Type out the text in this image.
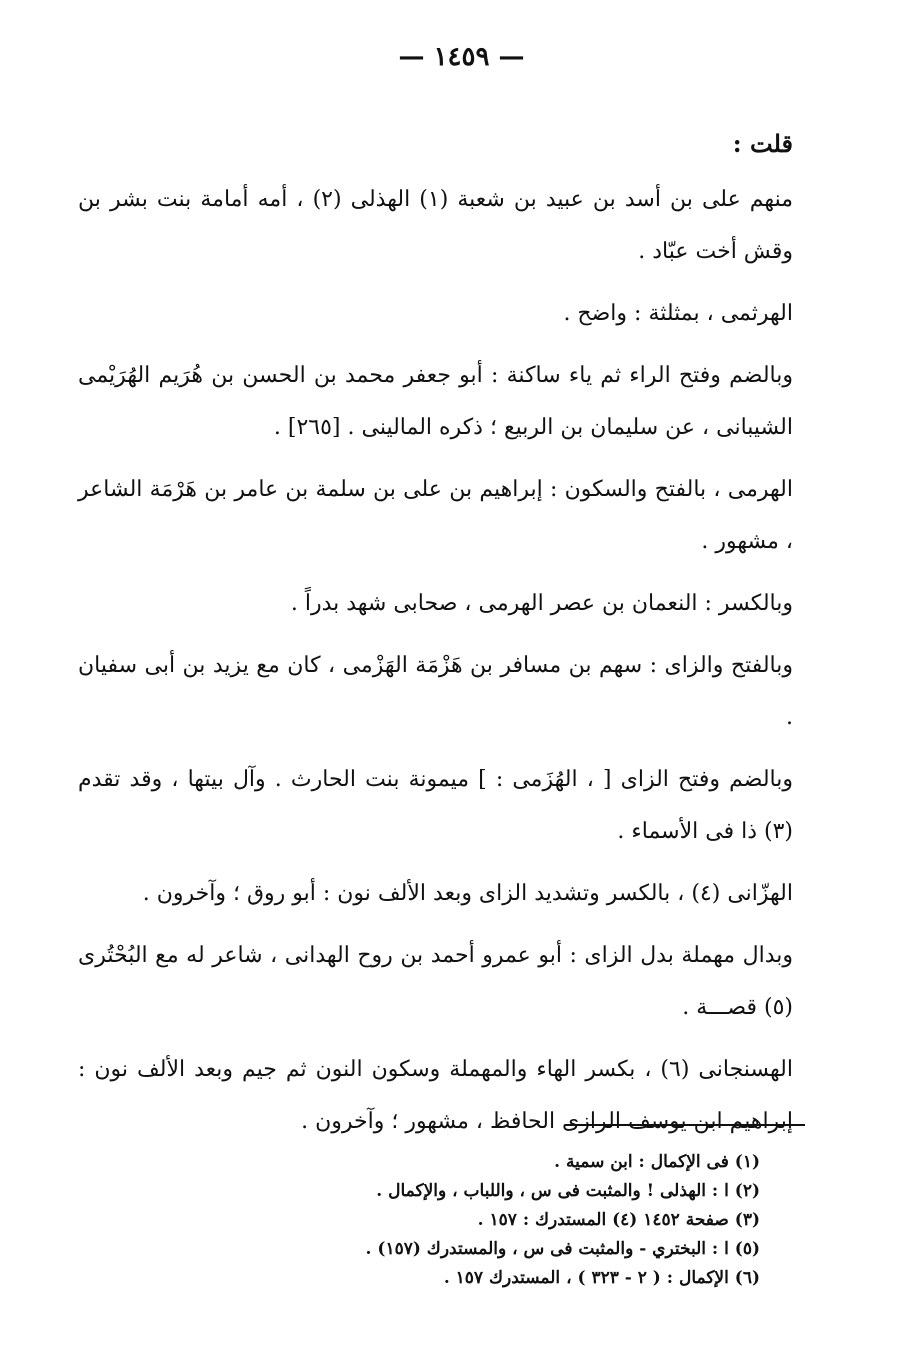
— ١٤٥٩ —

قلت :

منهم على بن أسد بن عبيد بن شعبة (١) الهذلى (٢) ، أمه أمامة بنت بشر بن وقش أخت عبّاد .

الهرثمى ، بمثلثة : واضح .

وبالضم وفتح الراء ثم ياء ساكنة : أبو جعفر محمد بن الحسن بن هُرَيم الهُرَيْمى الشيبانى ، عن سليمان بن الربيع ؛ ذكره المالينى . [٢٦٥] .

الهرمى ، بالفتح والسكون : إبراهيم بن على بن سلمة بن عامر بن هَرْمَة الشاعر ، مشهور .

وبالكسر : النعمان بن عصر الهرمى ، صحابى شهد بدراً .

وبالفتح والزاى : سهم بن مسافر بن هَزْمَة الهَزْمى ، كان مع يزيد بن أبى سفيان .

وبالضم وفتح الزاى [ ، الهُزَمى : ] ميمونة بنت الحارث . وآل بيتها ، وقد تقدم (٣) ذا فى الأسماء .

الهزّانى (٤) ، بالكسر وتشديد الزاى وبعد الألف نون : أبو روق ؛ وآخرون .

وبدال مهملة بدل الزاى : أبو عمرو أحمد بن روح الهدانى ، شاعر له مع البُحْتُرى (٥) قصـــة .

الهسنجانى (٦) ، بكسر الهاء والمهملة وسكون النون ثم جيم وبعد الألف نون : إبراهيم ابن يوسف الرازى الحافظ ، مشهور ؛ وآخرون .

(١) فى الإكمال : ابن سمية .
(٢) ا : الهذلى ! والمثبت فى س ، واللباب ، والإكمال .
(٣) صفحة ١٤٥٢ (٤) المستدرك : ١٥٧ .
(٥) ا : البختري - والمثبت فى س ، والمستدرك (١٥٧) .
(٦) الإكمال : ( ٢ - ٣٢٣ ) ، المستدرك ١٥٧ .
